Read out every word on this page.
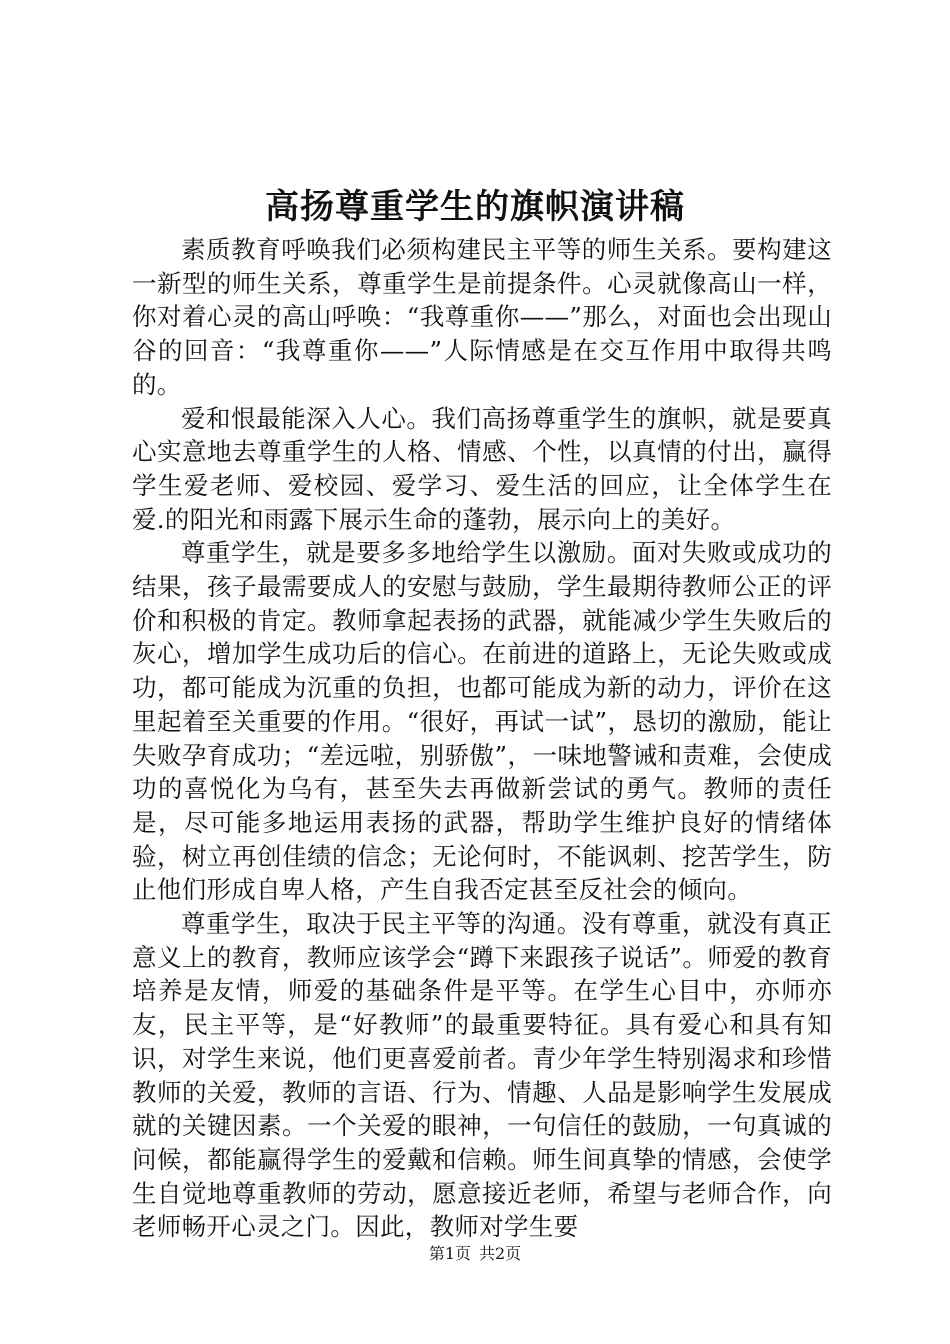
高扬尊重学生的旗帜演讲稿

素质教育呼唤我们必须构建民主平等的师生关系。要构建这一新型的师生关系，尊重学生是前提条件。心灵就像高山一样，你对着心灵的高山呼唤：“我尊重你——”那么，对面也会出现山谷的回音：“我尊重你——”人际情感是在交互作用中取得共鸣的。

爱和恨最能深入人心。我们高扬尊重学生的旗帜，就是要真心实意地去尊重学生的人格、情感、个性，以真情的付出，赢得学生爱老师、爱校园、爱学习、爱生活的回应，让全体学生在爱.的阳光和雨露下展示生命的蓬勃，展示向上的美好。

尊重学生，就是要多多地给学生以激励。面对失败或成功的结果，孩子最需要成人的安慰与鼓励，学生最期待教师公正的评价和积极的肯定。教师拿起表扬的武器，就能减少学生失败后的灰心，增加学生成功后的信心。在前进的道路上，无论失败或成功，都可能成为沉重的负担，也都可能成为新的动力，评价在这里起着至关重要的作用。“很好，再试一试”，恳切的激励，能让失败孕育成功；“差远啦，别骄傲”，一味地警诫和责难，会使成功的喜悦化为乌有，甚至失去再做新尝试的勇气。教师的责任是，尽可能多地运用表扬的武器，帮助学生维护良好的情绪体验，树立再创佳绩的信念；无论何时，不能讽刺、挖苦学生，防止他们形成自卑人格，产生自我否定甚至反社会的倾向。

尊重学生，取决于民主平等的沟通。没有尊重，就没有真正意义上的教育，教师应该学会“蹲下来跟孩子说话”。师爱的教育培养是友情，师爱的基础条件是平等。在学生心目中，亦师亦友，民主平等，是“好教师”的最重要特征。具有爱心和具有知识，对学生来说，他们更喜爱前者。青少年学生特别渴求和珍惜教师的关爱，教师的言语、行为、情趣、人品是影响学生发展成就的关键因素。一个关爱的眼神，一句信任的鼓励，一句真诚的问候，都能赢得学生的爱戴和信赖。师生间真挚的情感，会使学生自觉地尊重教师的劳动，愿意接近老师，希望与老师合作，向老师畅开心灵之门。因此，教师对学生要

第1页 共2页
